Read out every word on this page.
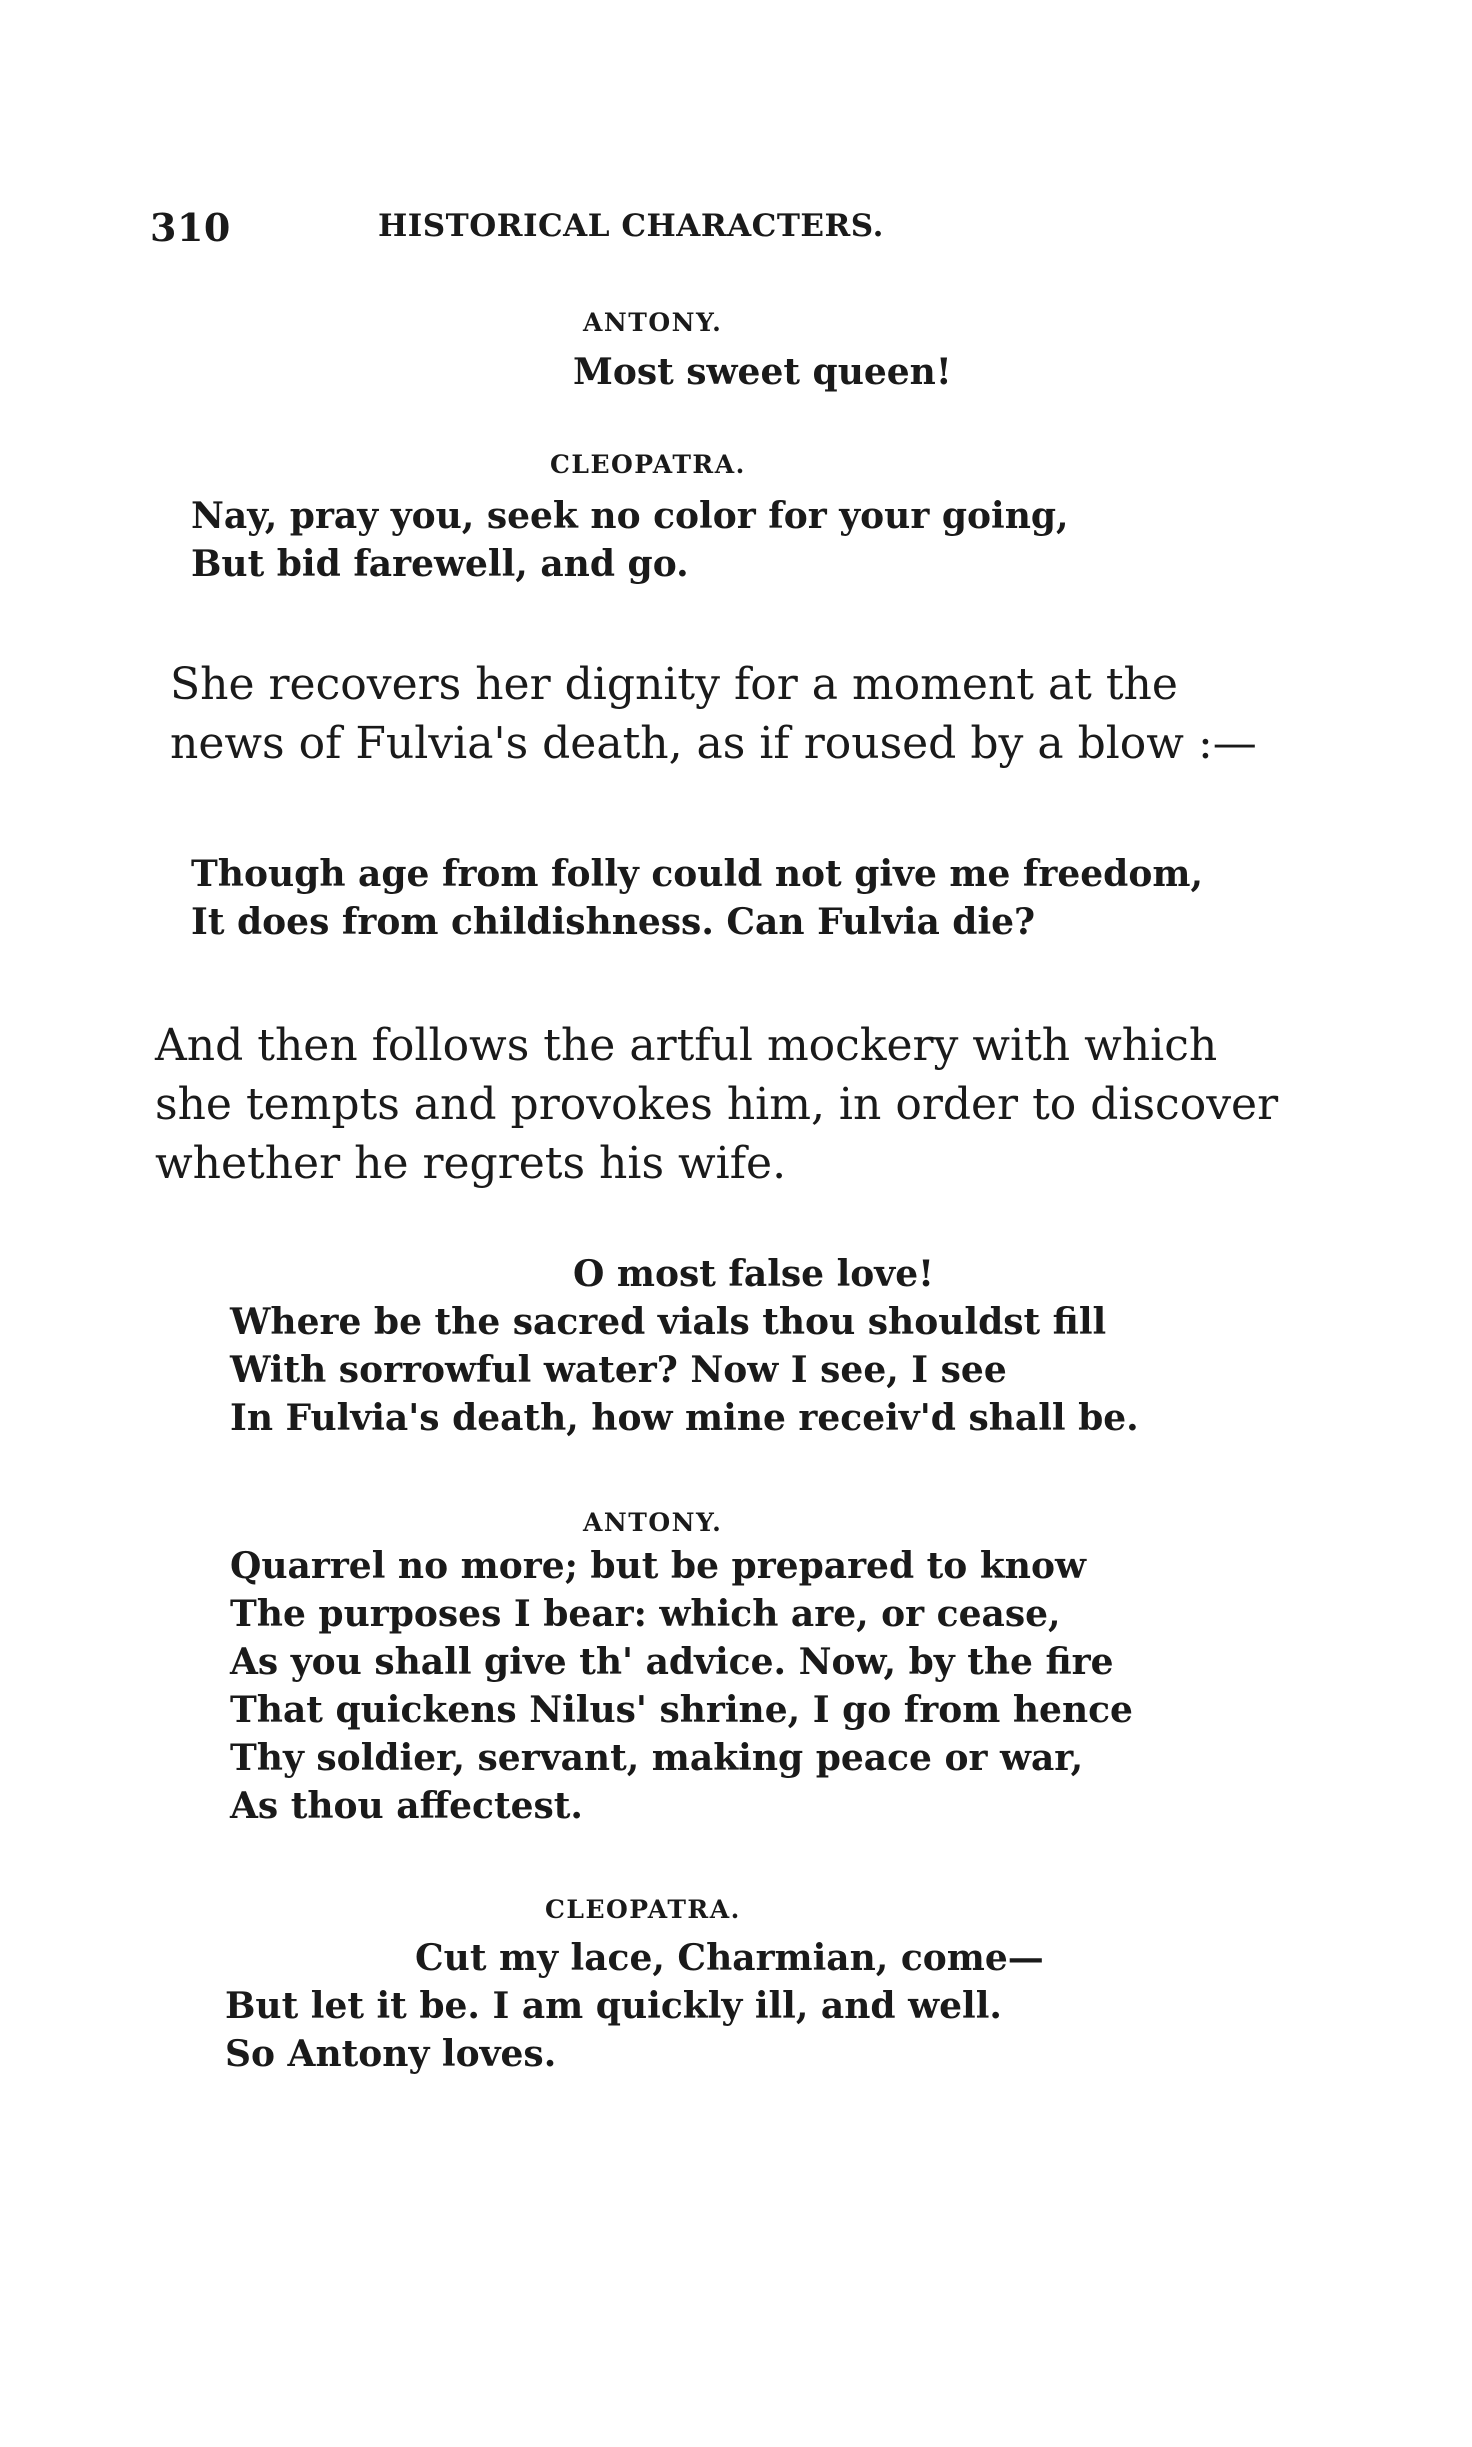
310	HISTORICAL CHARACTERS.
ANTONY.
Most sweet queen!
CLEOPATRA.
Nay, pray you, seek no color for your going,
But bid farewell, and go.
She recovers her dignity for a moment at the
news of Fulvia's death, as if roused by a blow :—
Though age from folly could not give me freedom,
It does from childishness. Can Fulvia die?
And then follows the artful mockery with which
she tempts and provokes him, in order to discover
whether he regrets his wife.
O most false love!
Where be the sacred vials thou shouldst fill
With sorrowful water? Now I see, I see
In Fulvia's death, how mine receiv'd shall be.
ANTONY.
Quarrel no more; but be prepared to know
The purposes I bear: which are, or cease,
As you shall give th' advice. Now, by the fire
That quickens Nilus' shrine, I go from hence
Thy soldier, servant, making peace or war,
As thou affectest.
CLEOPATRA.
Cut my lace, Charmian, come—
But let it be. I am quickly ill, and well.
So Antony loves.
